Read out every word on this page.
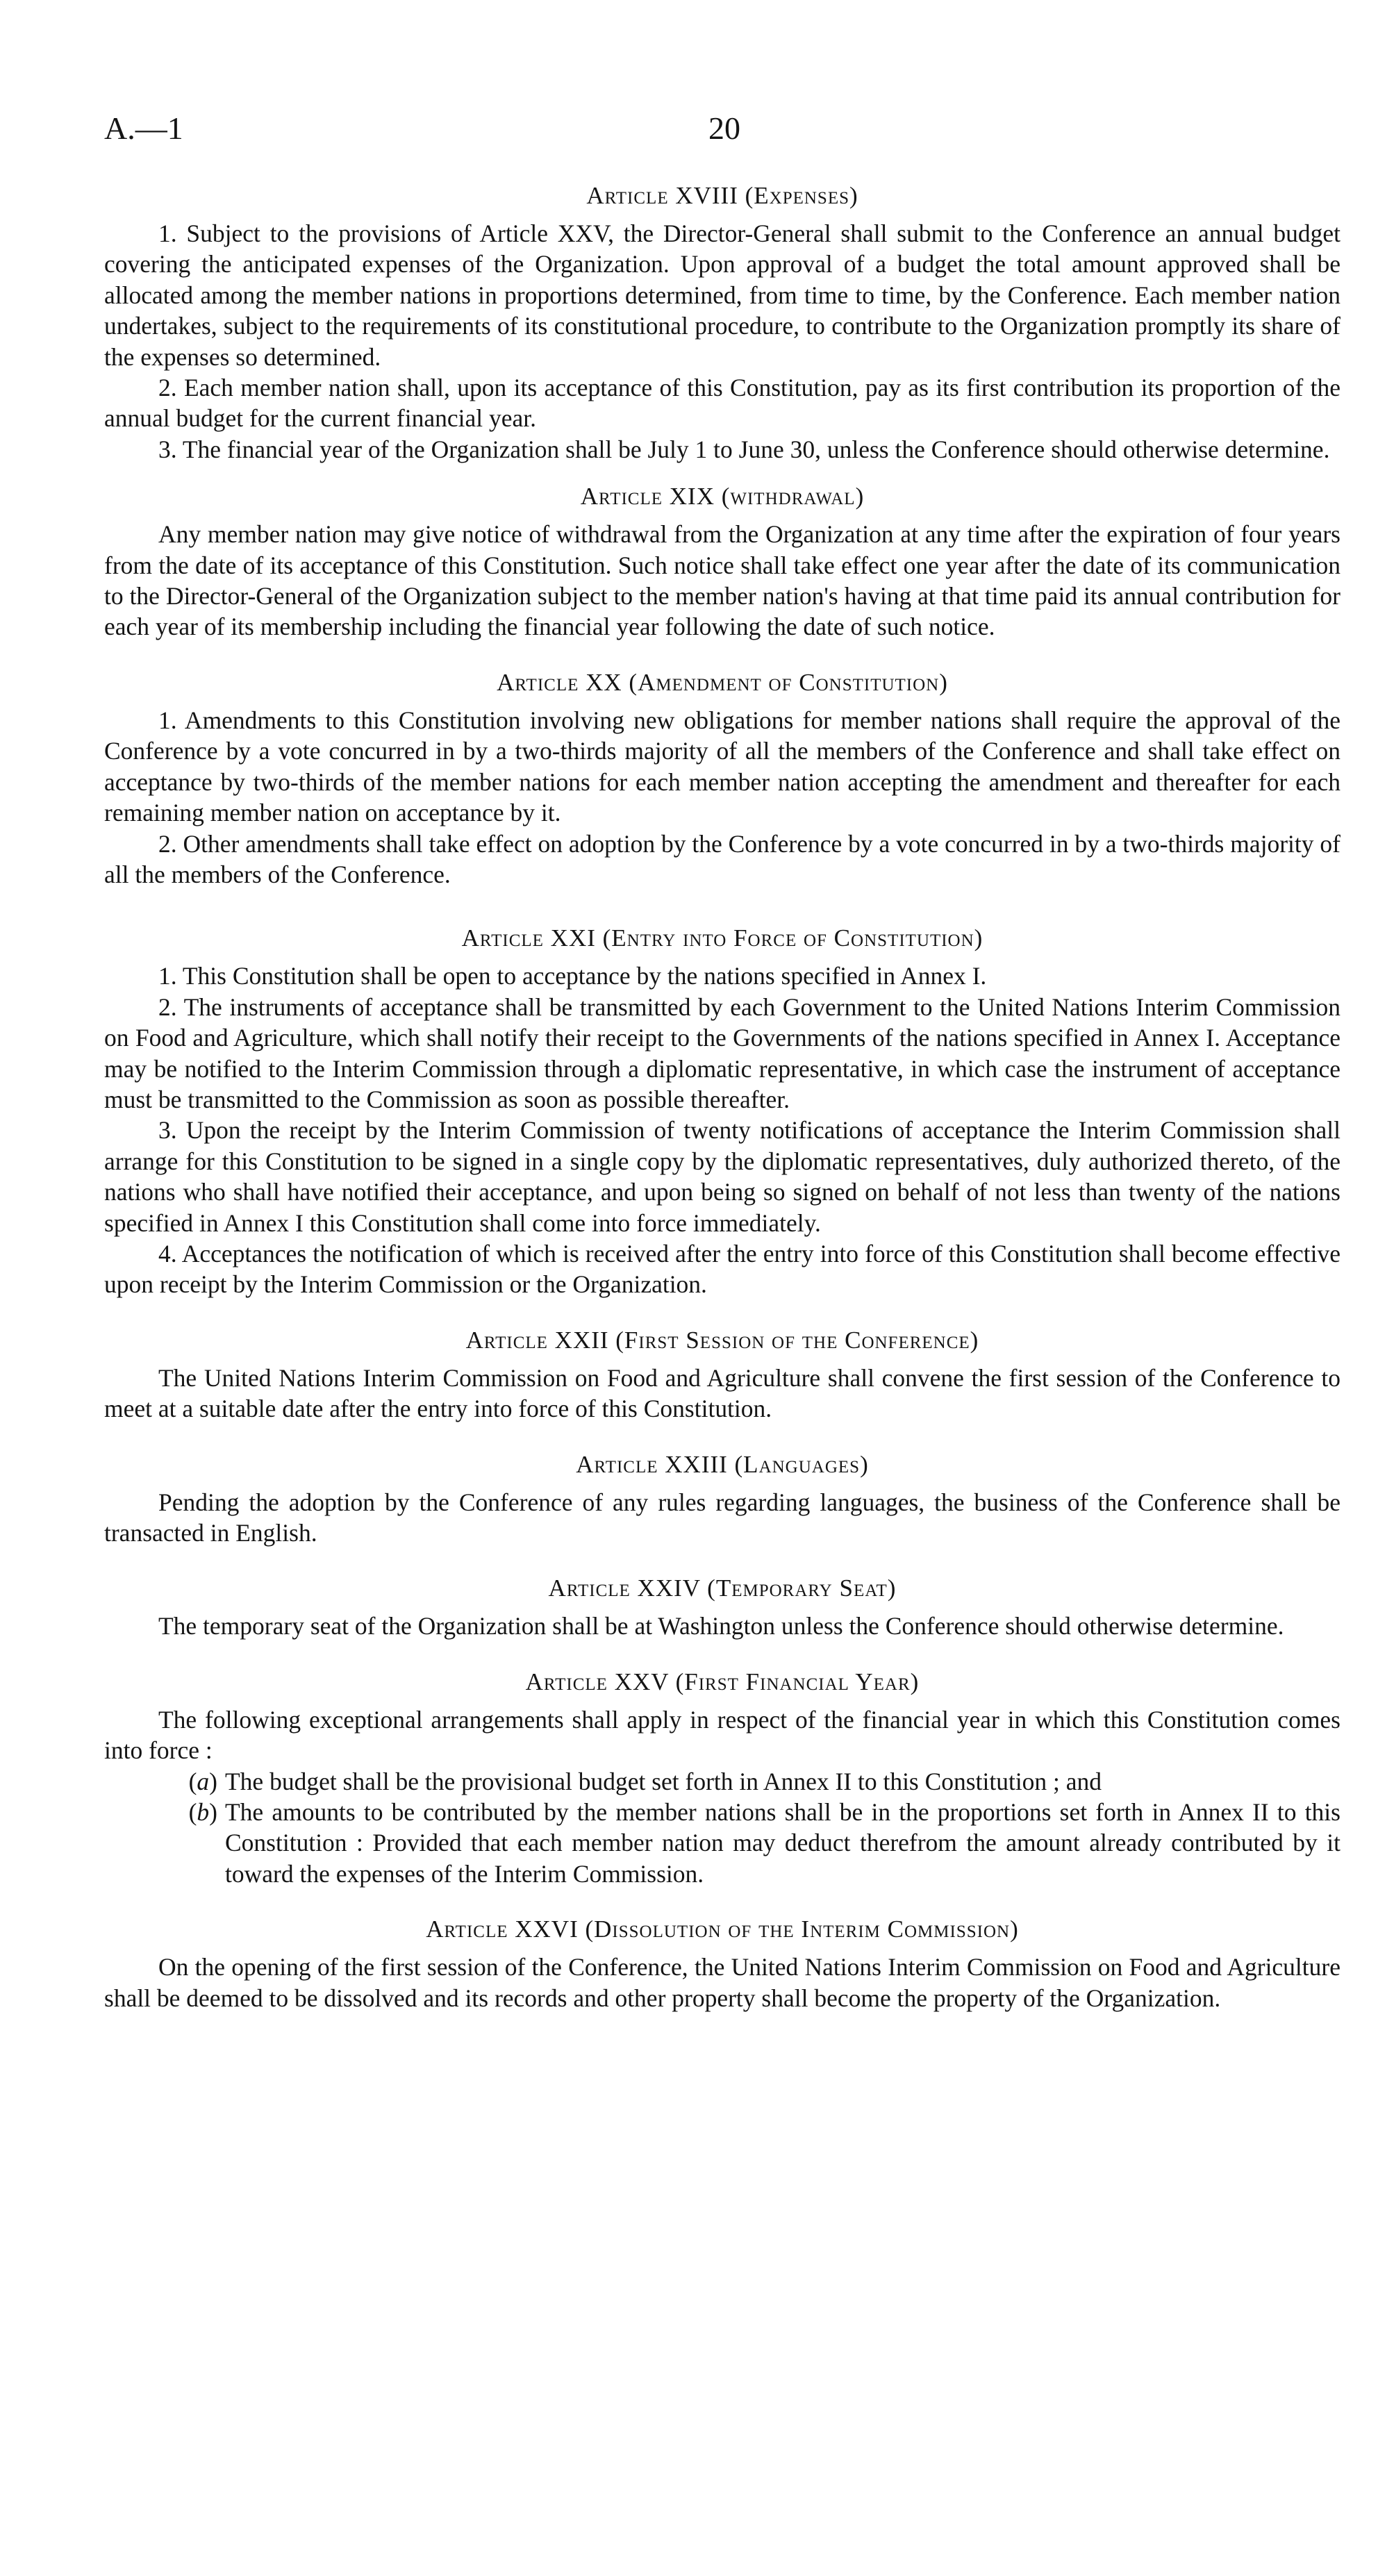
A.—1	20
Article XVIII (Expenses)

1. Subject to the provisions of Article XXV, the Director-General shall submit to the Conference an annual budget covering the anticipated expenses of the Organization. Upon approval of a budget the total amount approved shall be allocated among the member nations in proportions determined, from time to time, by the Conference. Each member nation undertakes, subject to the requirements of its constitutional procedure, to contribute to the Organization promptly its share of the expenses so determined.

2. Each member nation shall, upon its acceptance of this Constitution, pay as its first contribution its proportion of the annual budget for the current financial year.

3. The financial year of the Organization shall be July 1 to June 30, unless the Conference should otherwise determine.

Article XIX (withdrawal)

Any member nation may give notice of withdrawal from the Organization at any time after the expiration of four years from the date of its acceptance of this Constitution. Such notice shall take effect one year after the date of its communication to the Director-General of the Organization subject to the member nation's having at that time paid its annual contribution for each year of its membership including the financial year following the date of such notice.

Article XX (Amendment of Constitution)

1. Amendments to this Constitution involving new obligations for member nations shall require the approval of the Conference by a vote concurred in by a two-thirds majority of all the members of the Conference and shall take effect on acceptance by two-thirds of the member nations for each member nation accepting the amendment and thereafter for each remaining member nation on acceptance by it.

2. Other amendments shall take effect on adoption by the Conference by a vote concurred in by a two-thirds majority of all the members of the Conference.

Article XXI (Entry into Force of Constitution)

1. This Constitution shall be open to acceptance by the nations specified in Annex I.

2. The instruments of acceptance shall be transmitted by each Government to the United Nations Interim Commission on Food and Agriculture, which shall notify their receipt to the Governments of the nations specified in Annex I. Acceptance may be notified to the Interim Commission through a diplomatic representative, in which case the instrument of acceptance must be transmitted to the Commission as soon as possible thereafter.

3. Upon the receipt by the Interim Commission of twenty notifications of acceptance the Interim Commission shall arrange for this Constitution to be signed in a single copy by the diplomatic representatives, duly authorized thereto, of the nations who shall have notified their acceptance, and upon being so signed on behalf of not less than twenty of the nations specified in Annex I this Constitution shall come into force immediately.

4. Acceptances the notification of which is received after the entry into force of this Constitution shall become effective upon receipt by the Interim Commission or the Organization.

Article XXII (First Session of the Conference)

The United Nations Interim Commission on Food and Agriculture shall convene the first session of the Conference to meet at a suitable date after the entry into force of this Constitution.

Article XXIII (Languages)

Pending the adoption by the Conference of any rules regarding languages, the business of the Conference shall be transacted in English.

Article XXIV (Temporary Seat)

The temporary seat of the Organization shall be at Washington unless the Conference should otherwise determine.

Article XXV (First Financial Year)

The following exceptional arrangements shall apply in respect of the financial year in which this Constitution comes into force :

(a) The budget shall be the provisional budget set forth in Annex II to this Constitution ; and
(b) The amounts to be contributed by the member nations shall be in the proportions set forth in Annex II to this Constitution : Provided that each member nation may deduct therefrom the amount already contributed by it toward the expenses of the Interim Commission.
Article XXVI (Dissolution of the Interim Commission)

On the opening of the first session of the Conference, the United Nations Interim Commission on Food and Agriculture shall be deemed to be dissolved and its records and other property shall become the property of the Organization.
